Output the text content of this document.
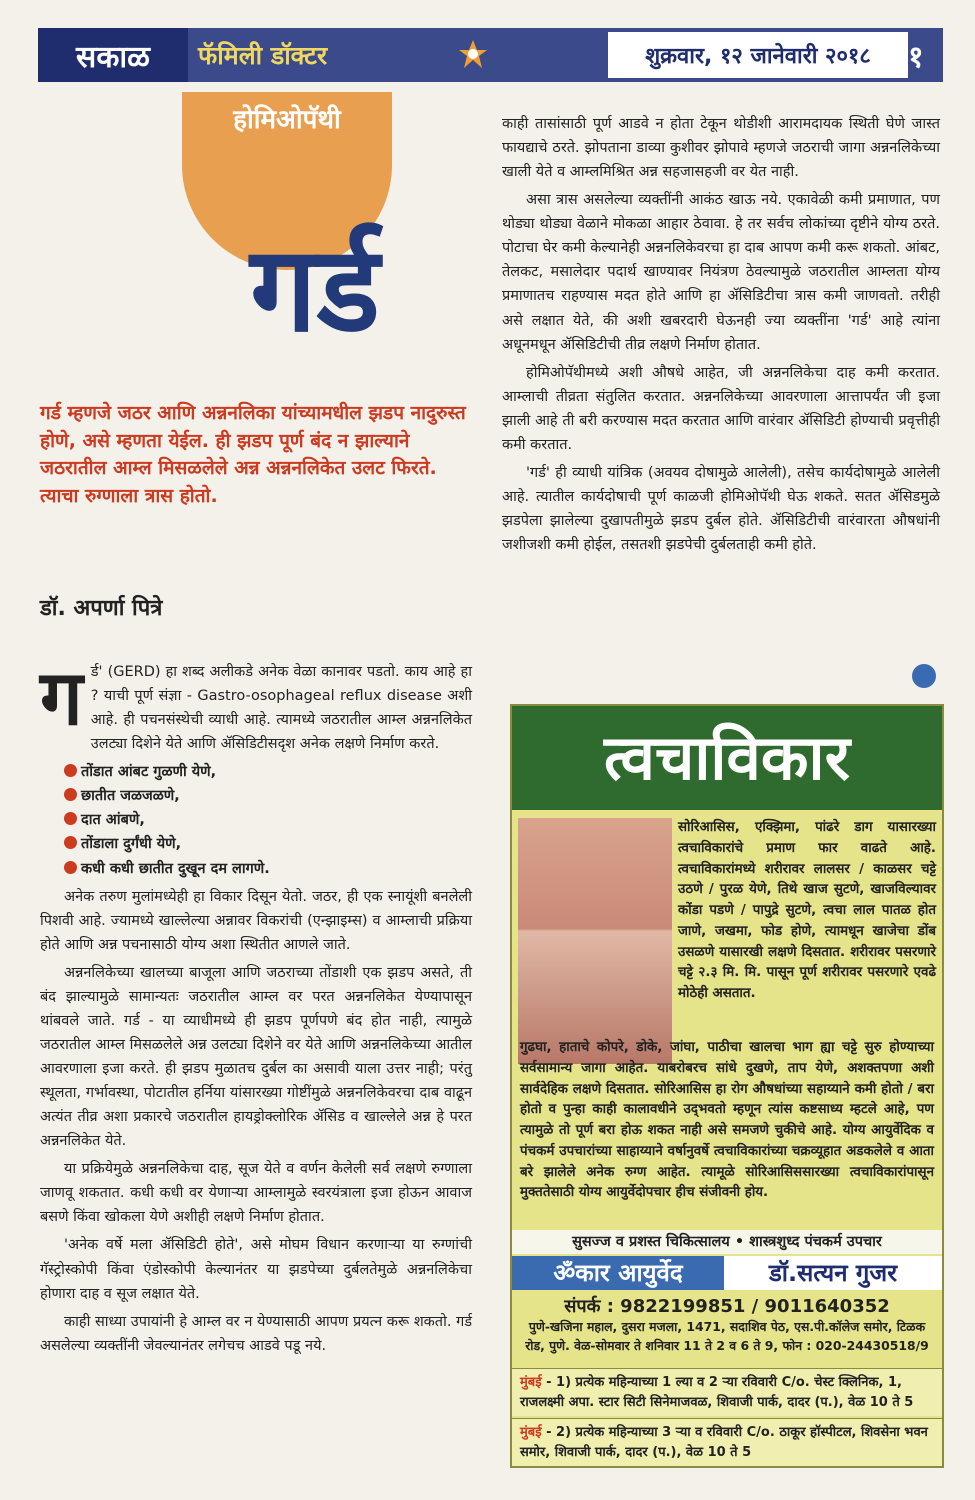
सकाळ	फॅमिली डॉक्टर	शुक्रवार, १२ जानेवारी २०१८ ११
होमिओपॅथी
गर्ड
गर्ड म्हणजे जठर आणि अन्ननलिका यांच्यामधील झडप नादुरुस्त होणे, असे म्हणता येईल. ही झडप पूर्ण बंद न झाल्याने जठरातील आम्ल मिसळलेले अन्न अन्ननलिकेत उलट फिरते. त्याचा रुग्णाला त्रास होतो.
डॉ. अपर्णा पित्रे

गर्ड' (GERD) हा शब्द अलीकडे अनेक वेळा कानावर पडतो. काय आहे हा ? याची पूर्ण संज्ञा - Gastro-osophageal reflux disease अशी आहे. ही पचनसंस्थेची व्याधी आहे. त्यामध्ये जठरातील आम्ल अन्ननलिकेत उलट्या दिशेने येते आणि ॲसिडिटीसदृश अनेक लक्षणे निर्माण करते.

तोंडात आंबट गुळणी येणे,
छातीत जळजळणे,
दात आंबणे,
तोंडाला दुर्गंधी येणे,
कधी कधी छातीत दुखून दम लागणे.

अनेक तरुण मुलांमध्येही हा विकार दिसून येतो. जठर, ही एक स्नायूंशी बनलेली पिशवी आहे. ज्यामध्ये खाल्लेल्या अन्नावर विकरांची (एन्झाइम्स) व आम्लाची प्रक्रिया होते आणि अन्न पचनासाठी योग्य अशा स्थितीत आणले जाते.

अन्ननलिकेच्या खालच्या बाजूला आणि जठराच्या तोंडाशी एक झडप असते, ती बंद झाल्यामुळे सामान्यतः जठरातील आम्ल वर परत अन्ननलिकेत येण्यापासून थांबवले जाते. गर्ड - या व्याधीमध्ये ही झडप पूर्णपणे बंद होत नाही, त्यामुळे जठरातील आम्ल मिसळलेले अन्न उलट्या दिशेने वर येते आणि अन्ननलिकेच्या आतील आवरणाला इजा करते. ही झडप मुळातच दुर्बल का असावी याला उत्तर नाही; परंतु स्थूलता, गर्भावस्था, पोटातील हर्निया यांसारख्या गोष्टींमुळे अन्ननलिकेवरचा दाब वाढून अत्यंत तीव्र अशा प्रकारचे जठरातील हायड्रोक्लोरिक ॲसिड व खाल्लेले अन्न हे परत अन्ननलिकेत येते.

या प्रक्रियेमुळे अन्ननलिकेचा दाह, सूज येते व वर्णन केलेली सर्व लक्षणे रुग्णाला जाणवू शकतात. कधी कधी वर येणाऱ्या आम्लामुळे स्वरयंत्राला इजा होऊन आवाज बसणे किंवा खोकला येणे अशीही लक्षणे निर्माण होतात.

'अनेक वर्षे मला ॲसिडिटी होते', असे मोघम विधान करणाऱ्या या रुग्णांची गॅस्ट्रोस्कोपी किंवा एंडोस्कोपी केल्यानंतर या झडपेच्या दुर्बलतेमुळे अन्ननलिकेचा होणारा दाह व सूज लक्षात येते.

काही साध्या उपायांनी हे आम्ल वर न येण्यासाठी आपण प्रयत्न करू शकतो. गर्ड असलेल्या व्यक्तींनी जेवल्यानंतर लगेचच आडवे पडू नये.

काही तासांसाठी पूर्ण आडवे न होता टेकून थोडीशी आरामदायक स्थिती घेणे जास्त फायद्याचे ठरते. झोपताना डाव्या कुशीवर झोपावे म्हणजे जठराची जागा अन्ननलिकेच्या खाली येते व आम्लमिश्रित अन्न सहजासहजी वर येत नाही.

असा त्रास असलेल्या व्यक्तींनी आकंठ खाऊ नये. एकावेळी कमी प्रमाणात, पण थोड्या थोड्या वेळाने मोकळा आहार ठेवावा. हे तर सर्वच लोकांच्या दृष्टीने योग्य ठरते. पोटाचा घेर कमी केल्यानेही अन्ननलिकेवरचा हा दाब आपण कमी करू शकतो. आंबट, तेलकट, मसालेदार पदार्थ खाण्यावर नियंत्रण ठेवल्यामुळे जठरातील आम्लता योग्य प्रमाणातच राहण्यास मदत होते आणि हा ॲसिडिटीचा त्रास कमी जाणवतो. तरीही असे लक्षात येते, की अशी खबरदारी घेऊनही ज्या व्यक्तींना 'गर्ड' आहे त्यांना अधूनमधून ॲसिडिटीची तीव्र लक्षणे निर्माण होतात.

होमिओपॅथीमध्ये अशी औषधे आहेत, जी अन्ननलिकेचा दाह कमी करतात. आम्लाची तीव्रता संतुलित करतात. अन्ननलिकेच्या आवरणाला आत्तापर्यंत जी इजा झाली आहे ती बरी करण्यास मदत करतात आणि वारंवार ॲसिडिटी होण्याची प्रवृत्तीही कमी करतात.

'गर्ड' ही व्याधी यांत्रिक (अवयव दोषामुळे आलेली), तसेच कार्यदोषामुळे आलेली आहे. त्यातील कार्यदोषाची पूर्ण काळजी होमिओपॅथी घेऊ शकते. सतत ॲसिडमुळे झडपेला झालेल्या दुखापतीमुळे झडप दुर्बल होते. ॲसिडिटीची वारंवारता औषधांनी जशीजशी कमी होईल, तसतशी झडपेची दुर्बलताही कमी होते.

त्वचाविकार
सोरिआसिस, एक्झिमा, पांढरे डाग यासारख्या त्वचाविकारांचे प्रमाण फार वाढते आहे. त्वचाविकारांमध्ये शरीरावर लालसर / काळसर चट्टे उठणे / पुरळ येणे, तिथे खाज सुटणे, खाजविल्यावर कोंडा पडणे / पापुद्रे सुटणे, त्वचा लाल पातळ होत जाणे, जखमा, फोड होणे, त्यामधून खाजेचा डोंब उसळणे यासारखी लक्षणे दिसतात. शरीरावर पसरणारे चट्टे २.३ मि. मि. पासून पूर्ण शरीरावर पसरणारे एवढे मोठेही असतात.
गुढघा, हाताचे कोपरे, डोके, जांघा, पाठीचा खालचा भाग ह्या चट्टे सुरु होण्याच्या सर्वसामान्य जागा आहेत. याबरोबरच सांधे दुखणे, ताप येणे, अशक्तपणा अशी सार्वदेहिक लक्षणे दिसतात. सोरिआसिस हा रोग औषधांच्या सहाय्याने कमी होतो / बरा होतो व पुन्हा काही कालावधीने उद्‌भवतो म्हणून त्यांस कष्टसाध्य म्हटले आहे, पण त्यामुळे तो पूर्ण बरा होऊ शकत नाही असे समजणे चुकीचे आहे. योग्य आयुर्वेदिक व पंचकर्म उपचारांच्या साहाय्याने वर्षानुवर्षे त्वचाविकारांच्या चक्रव्यूहात अडकलेले व आता बरे झालेले अनेक रुग्ण आहेत. त्यामूळे सोरिआसिससारख्या त्वचाविकारांपासून मुक्ततेसाठी योग्य आयुर्वेदोपचार हीच संजीवनी होय.
सुसज्ज व प्रशस्त चिकित्सालय • शास्त्रशुध्द पंचकर्म उपचार
ॐकार आयुर्वेद	डॉ.सत्यन गुजर
संपर्क : 9822199851 / 9011640352
पुणे-खजिना महाल, दुसरा मजला, 1471, सदाशिव पेठ, एस.पी.कॉलेज समोर, टिळक रोड, पुणे. वेळ-सोमवार ते शनिवार 11 ते 2 व 6 ते 9, फोन : 020-24430518/9
मुंबई - 1) प्रत्येक महिन्याच्या 1 ल्या व 2 ऱ्या रविवारी C/o. चेस्ट क्लिनिक, 1, राजलक्ष्मी अपा. स्टार सिटी सिनेमाजवळ, शिवाजी पार्क, दादर (प.), वेळ 10 ते 5
मुंबई - 2) प्रत्येक महिन्याच्या 3 ऱ्या व रविवारी C/o. ठाकूर हॉस्पीटल, शिवसेना भवन समोर, शिवाजी पार्क, दादर (प.), वेळ 10 ते 5
